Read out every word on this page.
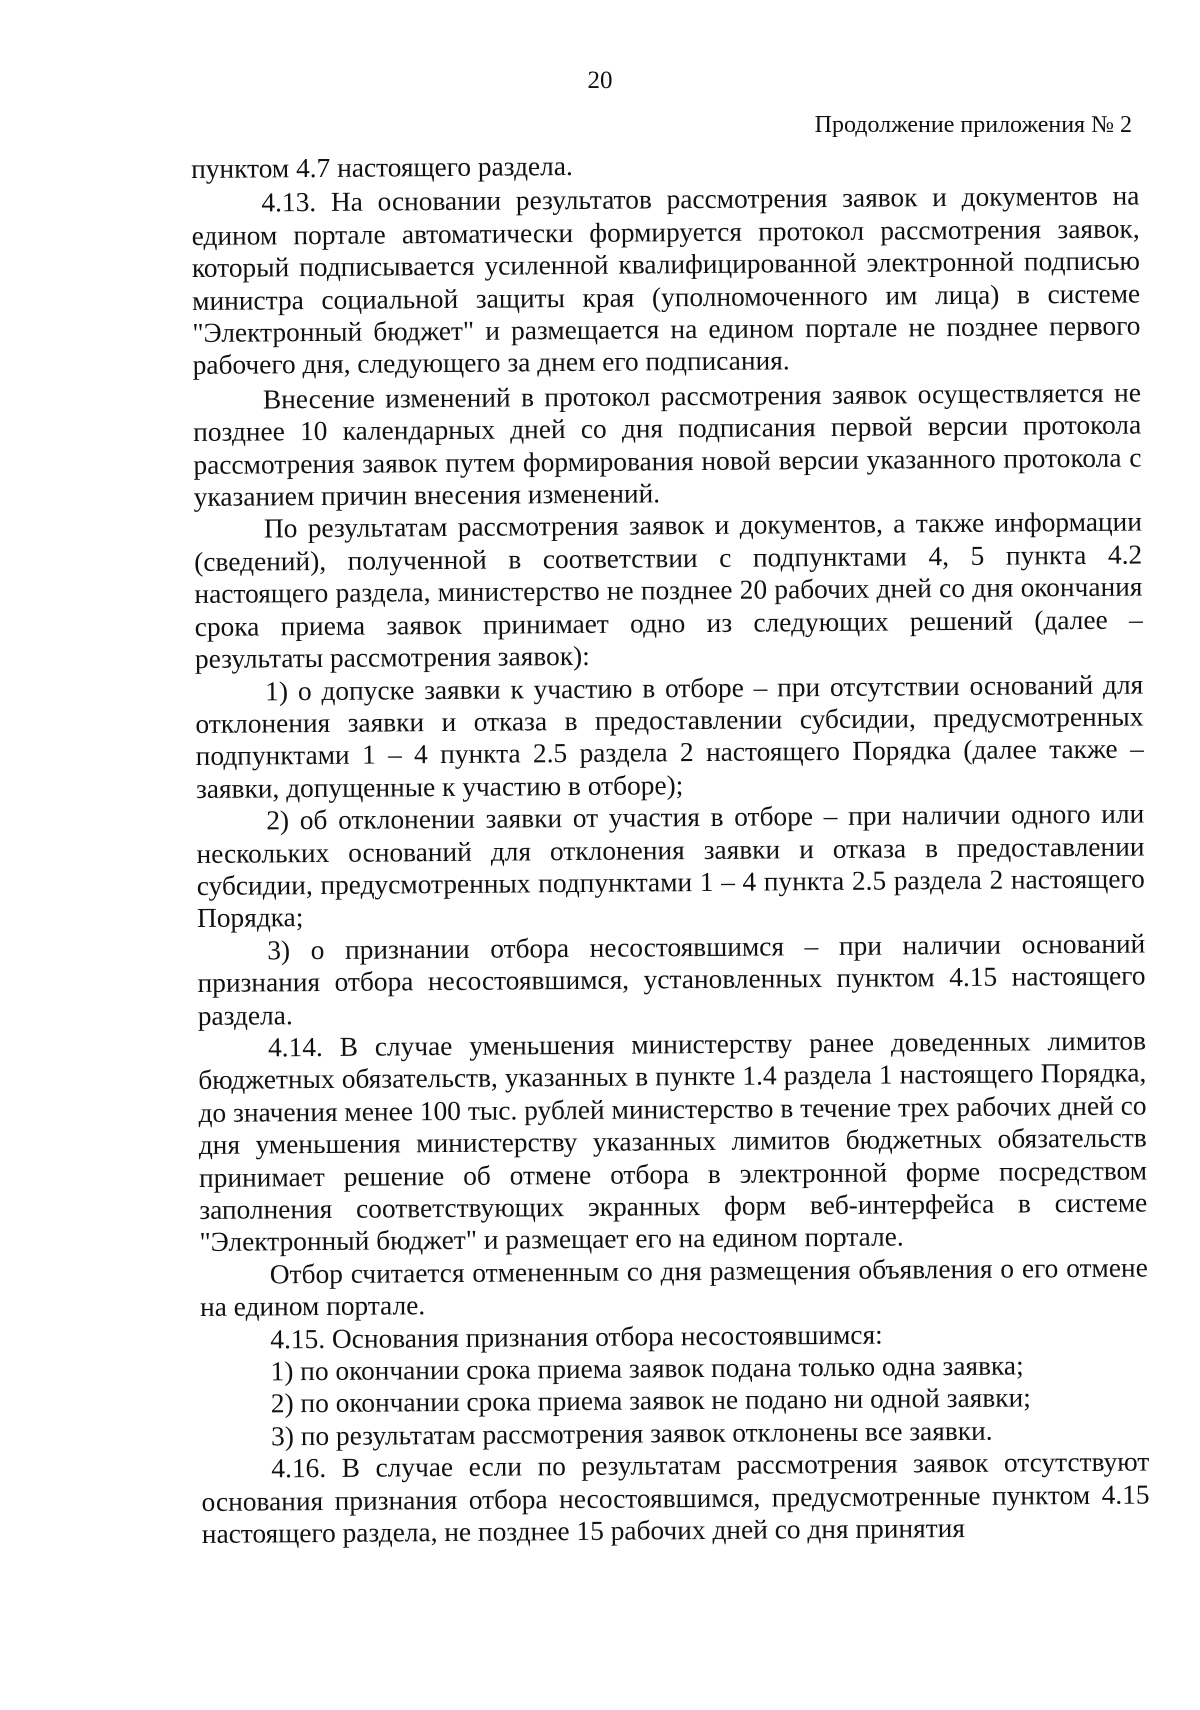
20
Продолжение приложения № 2

пунктом 4.7 настоящего раздела.

4.13. На основании результатов рассмотрения заявок и документов на едином портале автоматически формируется протокол рассмотрения заявок, который подписывается усиленной квалифицированной электронной подписью министра социальной защиты края (уполномоченного им лица) в системе "Электронный бюджет" и размещается на едином портале не позднее первого рабочего дня, следующего за днем его подписания.

Внесение изменений в протокол рассмотрения заявок осуществляется не позднее 10 календарных дней со дня подписания первой версии протокола рассмотрения заявок путем формирования новой версии указанного протокола с указанием причин внесения изменений.

По результатам рассмотрения заявок и документов, а также информации (сведений), полученной в соответствии с подпунктами 4, 5 пункта 4.2 настоящего раздела, министерство не позднее 20 рабочих дней со дня окончания срока приема заявок принимает одно из следующих решений (далее – результаты рассмотрения заявок):

1) о допуске заявки к участию в отборе – при отсутствии оснований для отклонения заявки и отказа в предоставлении субсидии, предусмотренных подпунктами 1 – 4 пункта 2.5 раздела 2 настоящего Порядка (далее также – заявки, допущенные к участию в отборе);

2) об отклонении заявки от участия в отборе – при наличии одного или нескольких оснований для отклонения заявки и отказа в предоставлении субсидии, предусмотренных подпунктами 1 – 4 пункта 2.5 раздела 2 настоящего Порядка;

3) о признании отбора несостоявшимся – при наличии оснований признания отбора несостоявшимся, установленных пунктом 4.15 настоящего раздела.

4.14. В случае уменьшения министерству ранее доведенных лимитов бюджетных обязательств, указанных в пункте 1.4 раздела 1 настоящего Порядка, до значения менее 100 тыс. рублей министерство в течение трех рабочих дней со дня уменьшения министерству указанных лимитов бюджетных обязательств принимает решение об отмене отбора в электронной форме посредством заполнения соответствующих экранных форм веб-интерфейса в системе "Электронный бюджет" и размещает его на едином портале.

Отбор считается отмененным со дня размещения объявления о его отмене на едином портале.

4.15. Основания признания отбора несостоявшимся:

1) по окончании срока приема заявок подана только одна заявка;

2) по окончании срока приема заявок не подано ни одной заявки;

3) по результатам рассмотрения заявок отклонены все заявки.

4.16. В случае если по результатам рассмотрения заявок отсутствуют основания признания отбора несостоявшимся, предусмотренные пунктом 4.15 настоящего раздела, не позднее 15 рабочих дней со дня принятия
